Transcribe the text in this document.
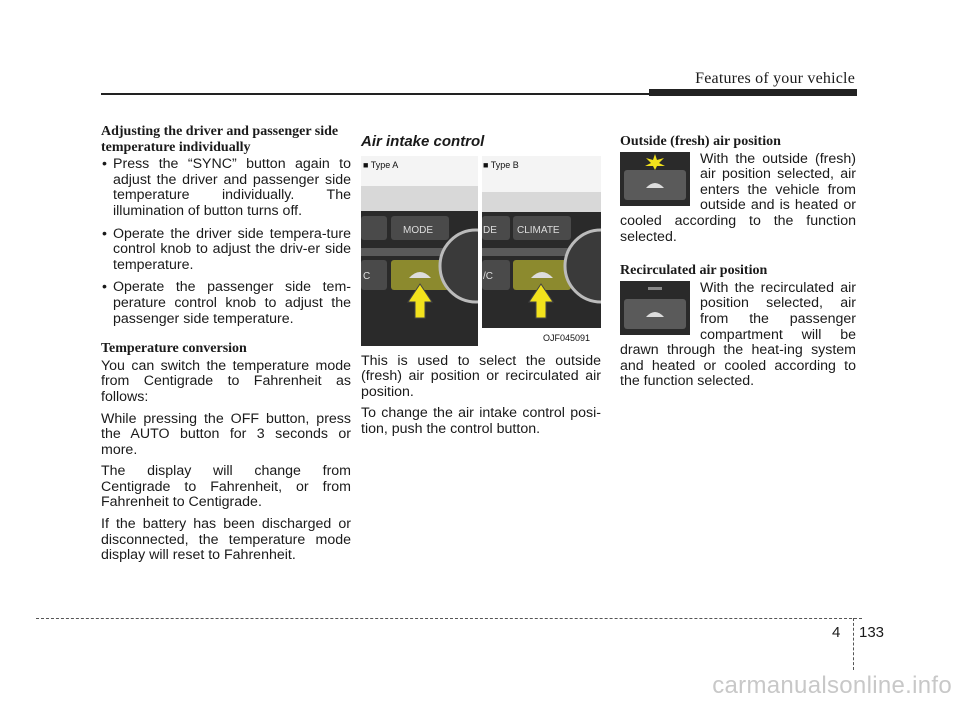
Features of your vehicle

Adjusting the driver and passenger side temperature individually

• Press the “SYNC” button again to adjust the driver and passenger side temperature individually. The illumination of button turns off.
• Operate the driver side tempera-ture control knob to adjust the driv-er side temperature.
• Operate the passenger side tem-perature control knob to adjust the passenger side temperature.

Temperature conversion

You can switch the temperature mode from Centigrade to Fahrenheit as follows:

While pressing the OFF button, press the AUTO button for 3 seconds or more.

The display will change from Centigrade to Fahrenheit, or from Fahrenheit to Centigrade.

If the battery has been discharged or disconnected, the temperature mode display will reset to Fahrenheit.

Air intake control

■ Type A	■ Type B
MODE	CLIMATE
DE
C	/C
OJF045091

This is used to select the outside (fresh) air position or recirculated air position.

To change the air intake control posi-tion, push the control button.

Outside (fresh) air position

With the outside (fresh) air position selected, air enters the vehicle from outside and is heated or cooled according to the function selected.

Recirculated air position

With the recirculated air position selected, air from the passenger compartment will be drawn through the heat-ing system and heated or cooled according to the function selected.
4 133
carmanualsonline.info
